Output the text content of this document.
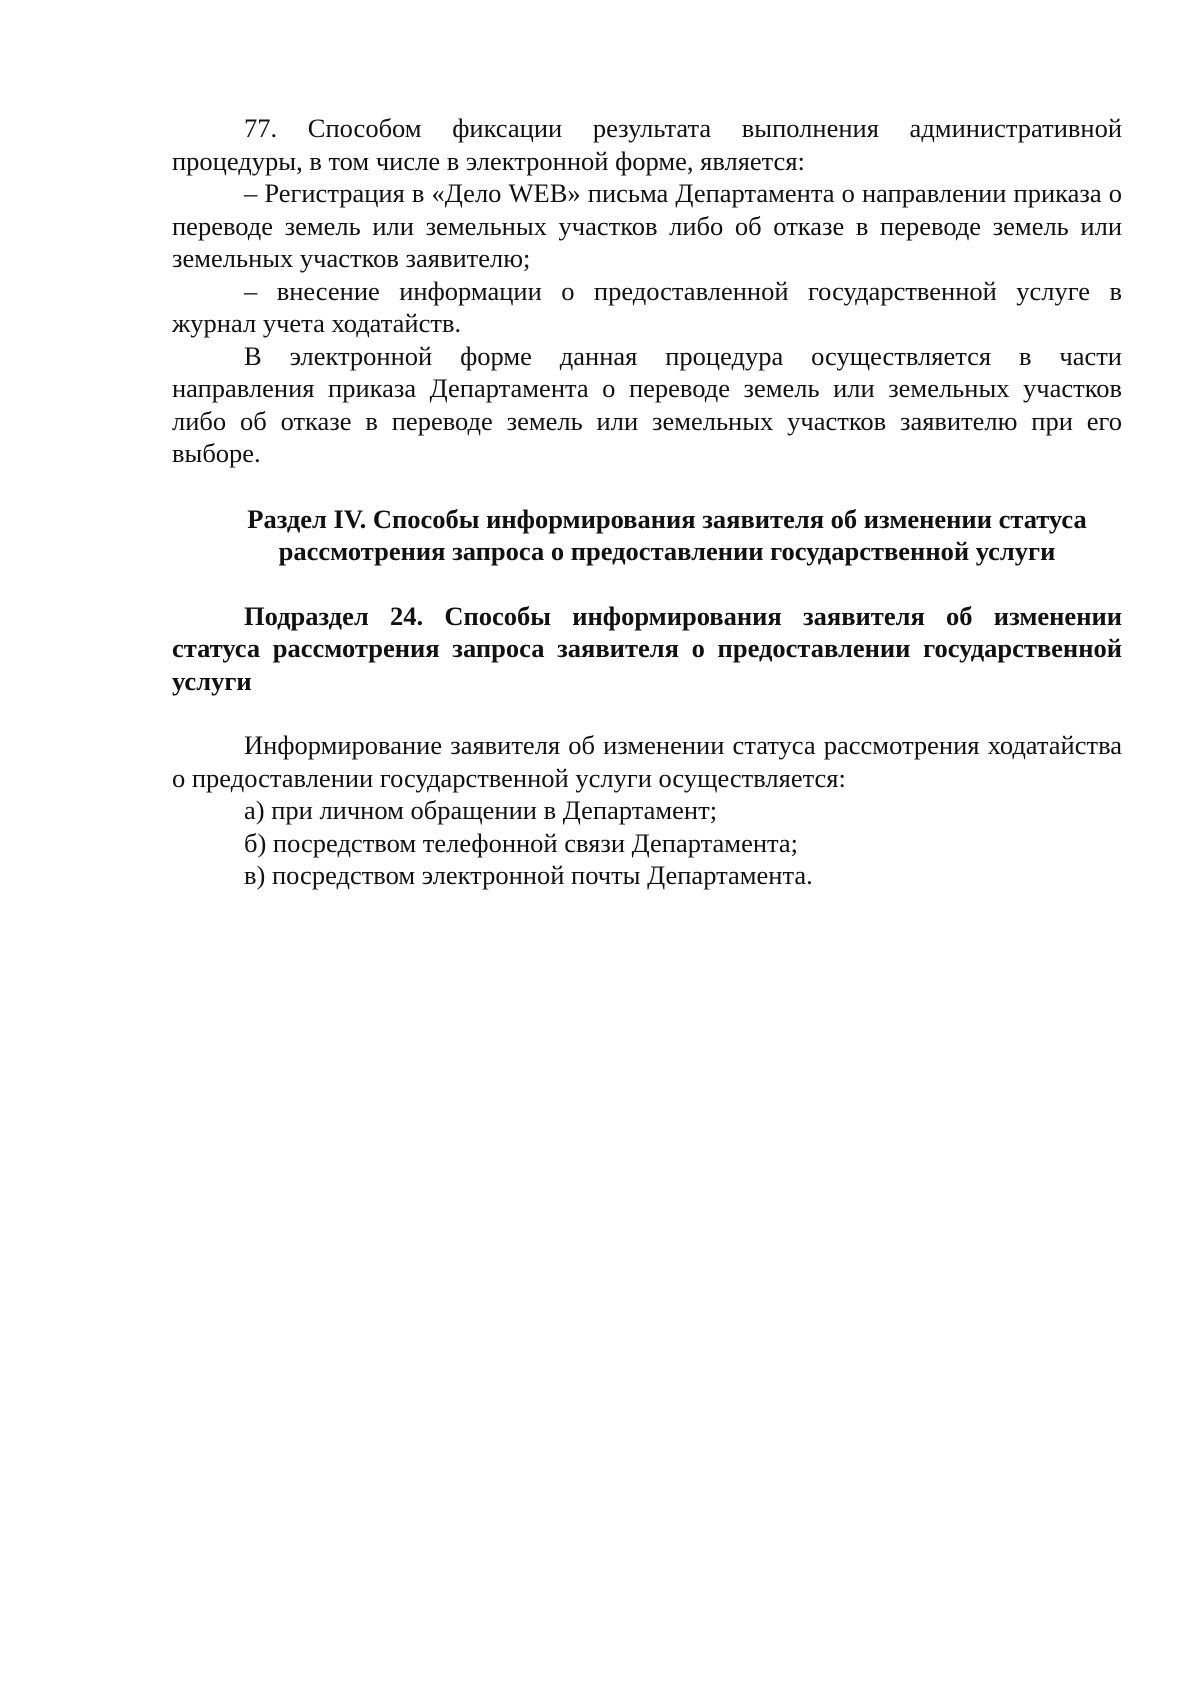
77. Способом фиксации результата выполнения административной процедуры, в том числе в электронной форме, является:

– Регистрация в «Дело WEB» письма Департамента о направлении приказа о переводе земель или земельных участков либо об отказе в переводе земель или земельных участков заявителю;

– внесение информации о предоставленной государственной услуге в журнал учета ходатайств.

В электронной форме данная процедура осуществляется в части направления приказа Департамента о переводе земель или земельных участков либо об отказе в переводе земель или земельных участков заявителю при его выборе.

Раздел IV. Способы информирования заявителя об изменении статуса рассмотрения запроса о предоставлении государственной услуги
Подраздел 24. Способы информирования заявителя об изменении статуса рассмотрения запроса заявителя о предоставлении государственной услуги

Информирование заявителя об изменении статуса рассмотрения ходатайства о предоставлении государственной услуги осуществляется:

а) при личном обращении в Департамент;
б) посредством телефонной связи Департамента;
в) посредством электронной почты Департамента.
